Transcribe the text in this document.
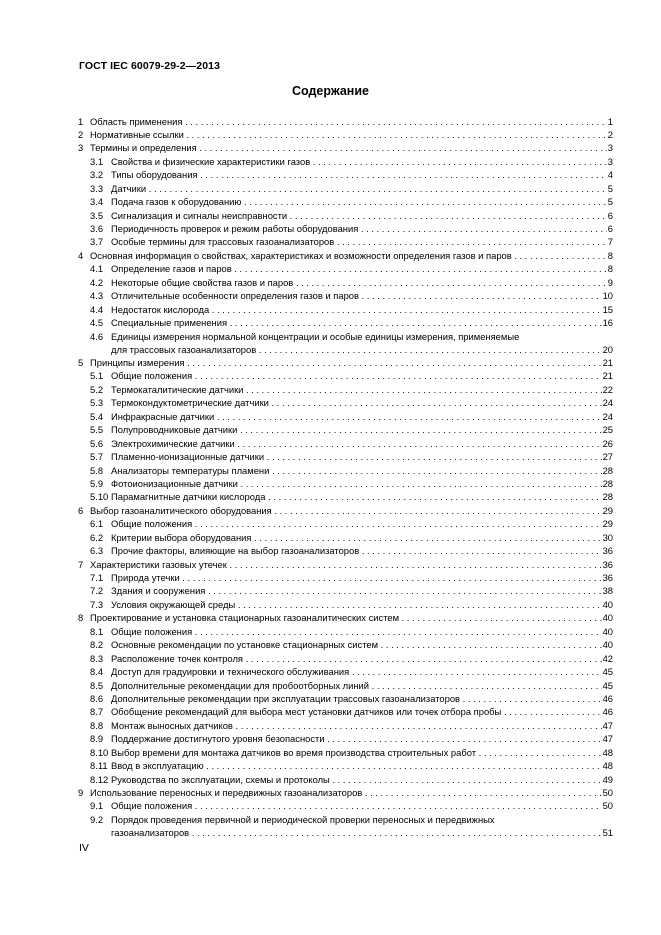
ГОСТ IEC 60079-29-2—2013
Содержание
1 Область применения . . .	1
2 Нормативные ссылки . . .	2
3 Термины и определения . . .	3
3.1 Свойства и физические характеристики газов . . .	3
3.2 Типы оборудования . . .	4
3.3 Датчики . . .	5
3.4 Подача газов к оборудованию . . .	5
3.5 Сигнализация и сигналы неисправности . . .	6
3.6 Периодичность проверок и режим работы оборудования . . .	6
3.7 Особые термины для трассовых газоанализаторов . . .	7
4 Основная информация о свойствах, характеристиках и возможности определения газов и паров . . .	8
4.1 Определение газов и паров . . .	8
4.2 Некоторые общие свойства газов и паров . . .	9
4.3 Отличительные особенности определения газов и паров . . .	10
4.4 Недостаток кислорода . . .	15
4.5 Специальные применения . . .	16
4.6 Единицы измерения нормальной концентрации и особые единицы измерения, применяемые
для трассовых газоанализаторов . . .	20
5 Принципы измерения . . .	21
5.1 Общие положения . . .	21
5.2 Термокаталитические датчики . . .	22
5.3 Термокондуктометрические датчики . . .	24
5.4 Инфракрасные датчики . . .	24
5.5 Полупроводниковые датчики . . .	25
5.6 Электрохимические датчики . . .	26
5.7 Пламенно-ионизационные датчики . . .	27
5.8 Анализаторы температуры пламени . . .	28
5.9 Фотоионизационные датчики . . .	28
5.10 Парамагнитные датчики кислорода . . .	28
6 Выбор газоаналитического оборудования . . .	29
6.1 Общие положения . . .	29
6.2 Критерии выбора оборудования . . .	30
6.3 Прочие факторы, влияющие на выбор газоанализаторов . . .	36
7 Характеристики газовых утечек . . .	36
7.1 Природа утечки . . .	36
7.2 Здания и сооружения . . .	38
7.3 Условия окружающей среды . . .	40
8 Проектирование и установка стационарных газоаналитических систем . . .	40
8.1 Общие положения . . .	40
8.2 Основные рекомендации по установке стационарных систем . . .	40
8.3 Расположение точек контроля . . .	42
8.4 Доступ для градуировки и технического обслуживания . . .	45
8.5 Дополнительные рекомендации для пробоотборных линий . . .	45
8.6 Дополнительные рекомендации при эксплуатации трассовых газоанализаторов . . .	46
8.7 Обобщение рекомендаций для выбора мест установки датчиков или точек отбора пробы . . .	46
8.8 Монтаж выносных датчиков . . .	47
8.9 Поддержание достигнутого уровня безопасности . . .	47
8.10 Выбор времени для монтажа датчиков во время производства строительных работ . . .	48
8.11 Ввод в эксплуатацию . . .	48
8.12 Руководства по эксплуатации, схемы и протоколы . . .	49
9 Использование переносных и передвижных газоанализаторов . . .	50
9.1 Общие положения . . .	50
9.2 Порядок проведения первичной и периодической проверки переносных и передвижных
газоанализаторов . . .	51
IV
